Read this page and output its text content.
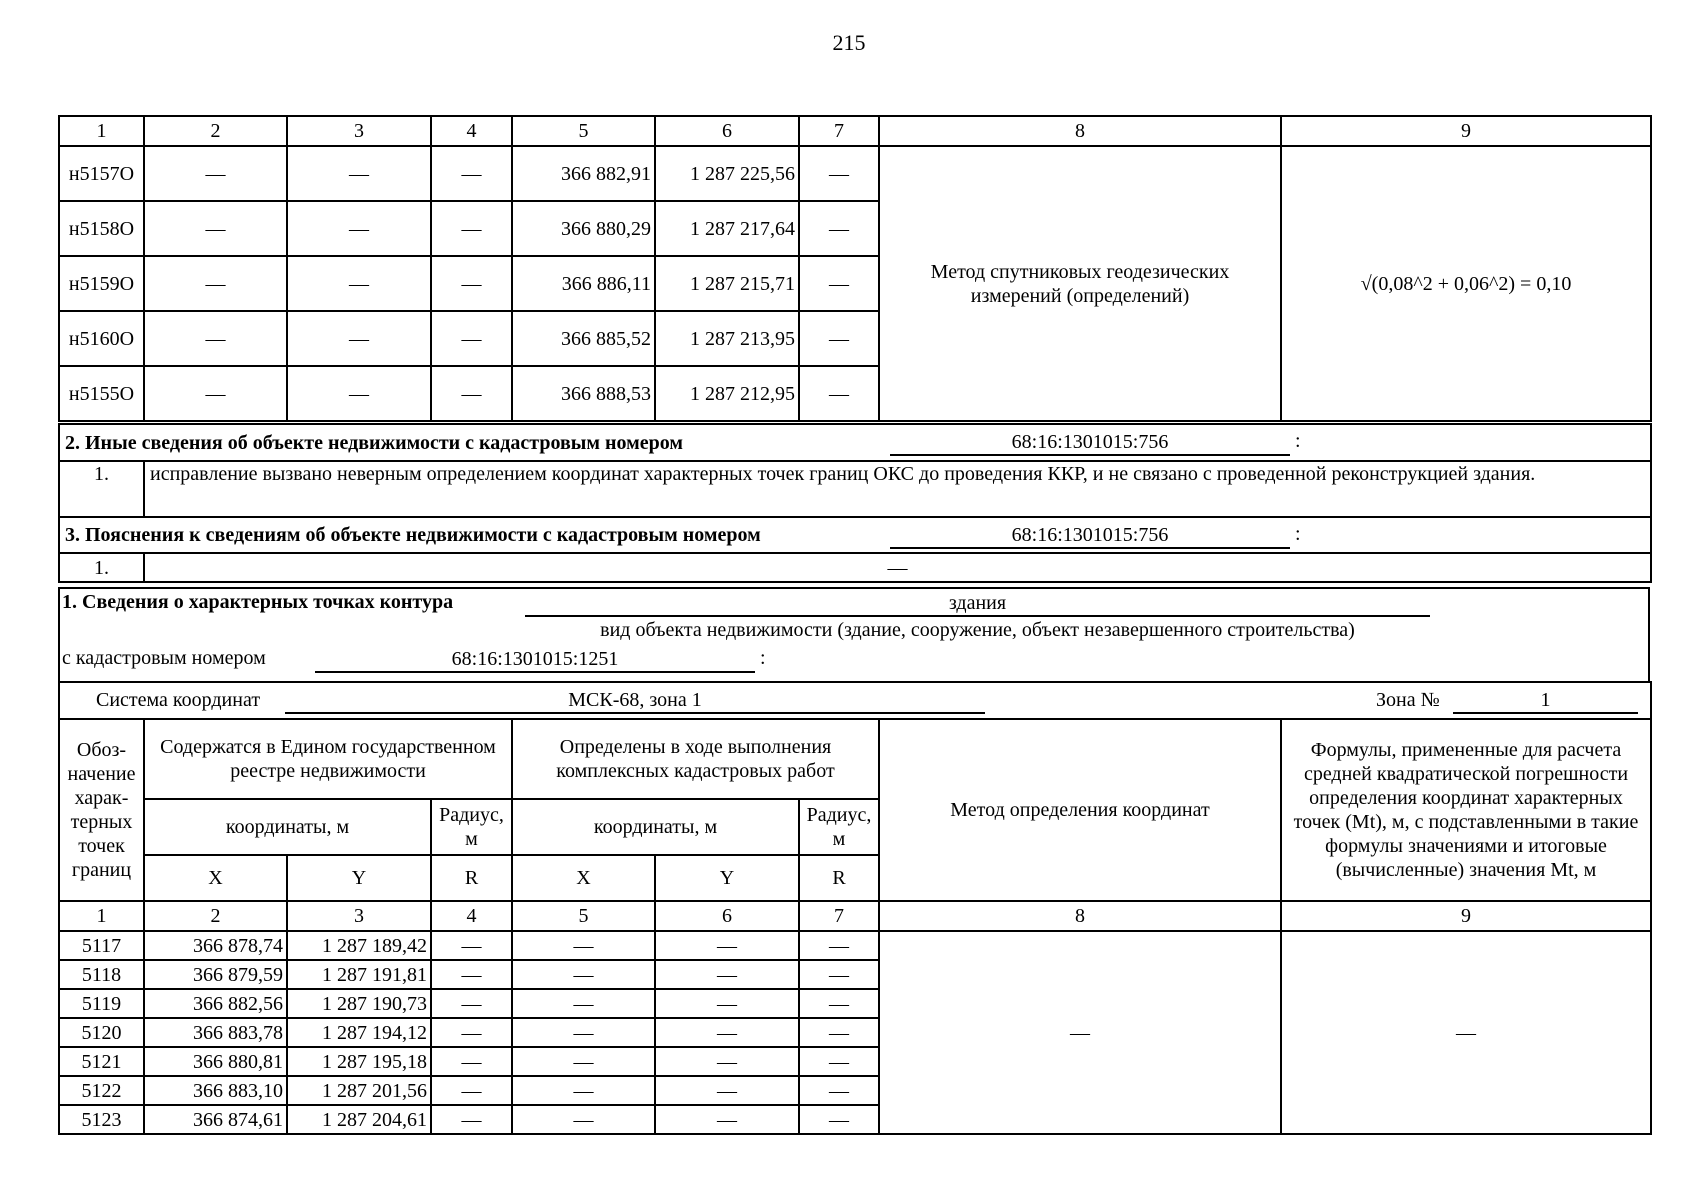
215
1	2	3	4	5	6	7	8	9
н5157О	—	—	—	366 882,91	1 287 225,56	—	Метод спутниковых геодезических измерений (определений)	√(0,08^2 + 0,06^2) = 0,10
н5158О	—	—	—	366 880,29	1 287 217,64	—		
н5159О	—	—	—	366 886,11	1 287 215,71	—		
н5160О	—	—	—	366 885,52	1 287 213,95	—		
н5155О	—	—	—	366 888,53	1 287 212,95	—		
2. Иные сведения об объекте недвижимости с кадастровым номером 68:16:1301015:756 :	

1.	исправление вызвано неверным определением координат характерных точек границ ОКС до проведения ККР, и не связано с проведенной реконструкцией здания.
3. Пояснения к сведениям об объекте недвижимости с кадастровым номером 68:16:1301015:756 :	

1.	—
1. Сведения о характерных точках контура	здания
вид объекта недвижимости (здание, сооружение, объект незавершенного строительства)
с кадастровым номером	68:16:1301015:1251	:
Система координат МСК-68, зона 1 Зона № 1								

Обоз-начение харак-терных точек границ	Содержатся в Едином государственном реестре недвижимости			Определены в ходе выполнения комплексных кадастровых работ			Метод определения координат	Формулы, примененные для расчета средней квадратической погрешности определения координат характерных точек (Mt), м, с подставленными в такие формулы значениями и итоговые (вычисленные) значения Mt, м
	координаты, м		Радиус, м	координаты, м		Радиус, м		
	X	Y	R	X	Y	R		
1	2	3	4	5	6	7	8	9
5117	366 878,74	1 287 189,42	—	—	—	—	—	—
5118	366 879,59	1 287 191,81	—	—	—	—		
5119	366 882,56	1 287 190,73	—	—	—	—		
5120	366 883,78	1 287 194,12	—	—	—	—		
5121	366 880,81	1 287 195,18	—	—	—	—		
5122	366 883,10	1 287 201,56	—	—	—	—		
5123	366 874,61	1 287 204,61	—	—	—	—		
